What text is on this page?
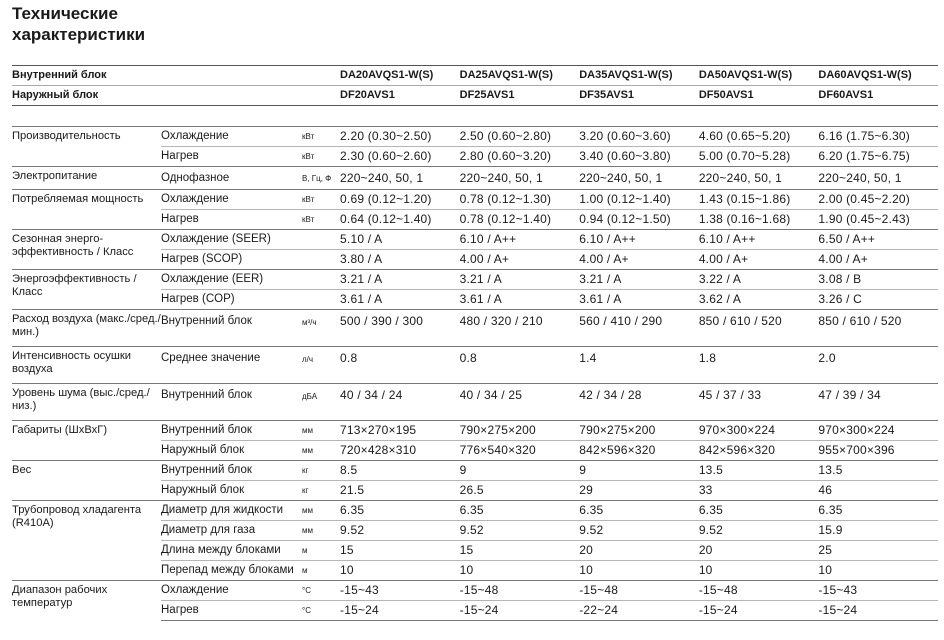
Технические
характеристики
Внутренний блок			DA20AVQS1-W(S)	DA25AVQS1-W(S)	DA35AVQS1-W(S)	DA50AVQS1-W(S)	DA60AVQS1-W(S)
Наружный блок			DF20AVS1	DF25AVS1	DF35AVS1	DF50AVS1	DF60AVS1

Производительность	Охлаждение	кВт	2.20 (0.30~2.50)	2.50 (0.60~2.80)	3.20 (0.60~3.60)	4.60 (0.65~5.20)	6.16 (1.75~6.30)
	Нагрев	кВт	2.30 (0.60~2.60)	2.80 (0.60~3.20)	3.40 (0.60~3.80)	5.00 (0.70~5.28)	6.20 (1.75~6.75)
Электропитание	Однофазное	В, Гц, Ф	220~240, 50, 1	220~240, 50, 1	220~240, 50, 1	220~240, 50, 1	220~240, 50, 1
Потребляемая мощность	Охлаждение	кВт	0.69 (0.12~1.20)	0.78 (0.12~1.30)	1.00 (0.12~1.40)	1.43 (0.15~1.86)	2.00 (0.45~2.20)
	Нагрев	кВт	0.64 (0.12~1.40)	0.78 (0.12~1.40)	0.94 (0.12~1.50)	1.38 (0.16~1.68)	1.90 (0.45~2.43)
Сезонная энерго-эффективность / Класс	Охлаждение (SEER)		5.10 / A	6.10 / A++	6.10 / A++	6.10 / A++	6.50 / A++
	Нагрев (SCOP)		3.80 / A	4.00 / A+	4.00 / A+	4.00 / A+	4.00 / A+
Энергоэффективность / Класс	Охлаждение (EER)		3.21 / A	3.21 / A	3.21 / A	3.22 / A	3.08 / B
	Нагрев (COP)		3.61 / A	3.61 / A	3.61 / A	3.62 / A	3.26 / C
Расход воздуха (макс./сред./мин.)	Внутренний блок	м³/ч	500 / 390 / 300	480 / 320 / 210	560 / 410 / 290	850 / 610 / 520	850 / 610 / 520
Интенсивность осушки воздуха	Среднее значение	л/ч	0.8	0.8	1.4	1.8	2.0
Уровень шума (выс./сред./низ.)	Внутренний блок	дБА	40 / 34 / 24	40 / 34 / 25	42 / 34 / 28	45 / 37 / 33	47 / 39 / 34
Габариты (ШхВхГ)	Внутренний блок	мм	713×270×195	790×275×200	790×275×200	970×300×224	970×300×224
	Наружный блок	мм	720×428×310	776×540×320	842×596×320	842×596×320	955×700×396
Вес	Внутренний блок	кг	8.5	9	9	13.5	13.5
	Наружный блок	кг	21.5	26.5	29	33	46
Трубопровод хладагента (R410A)	Диаметр для жидкости	мм	6.35	6.35	6.35	6.35	6.35
	Диаметр для газа	мм	9.52	9.52	9.52	9.52	15.9
	Длина между блоками	м	15	15	20	20	25
	Перепад между блоками	м	10	10	10	10	10
Диапазон рабочих температур	Охлаждение	°С	-15~43	-15~48	-15~48	-15~48	-15~43
	Нагрев	°С	-15~24	-15~24	-22~24	-15~24	-15~24
